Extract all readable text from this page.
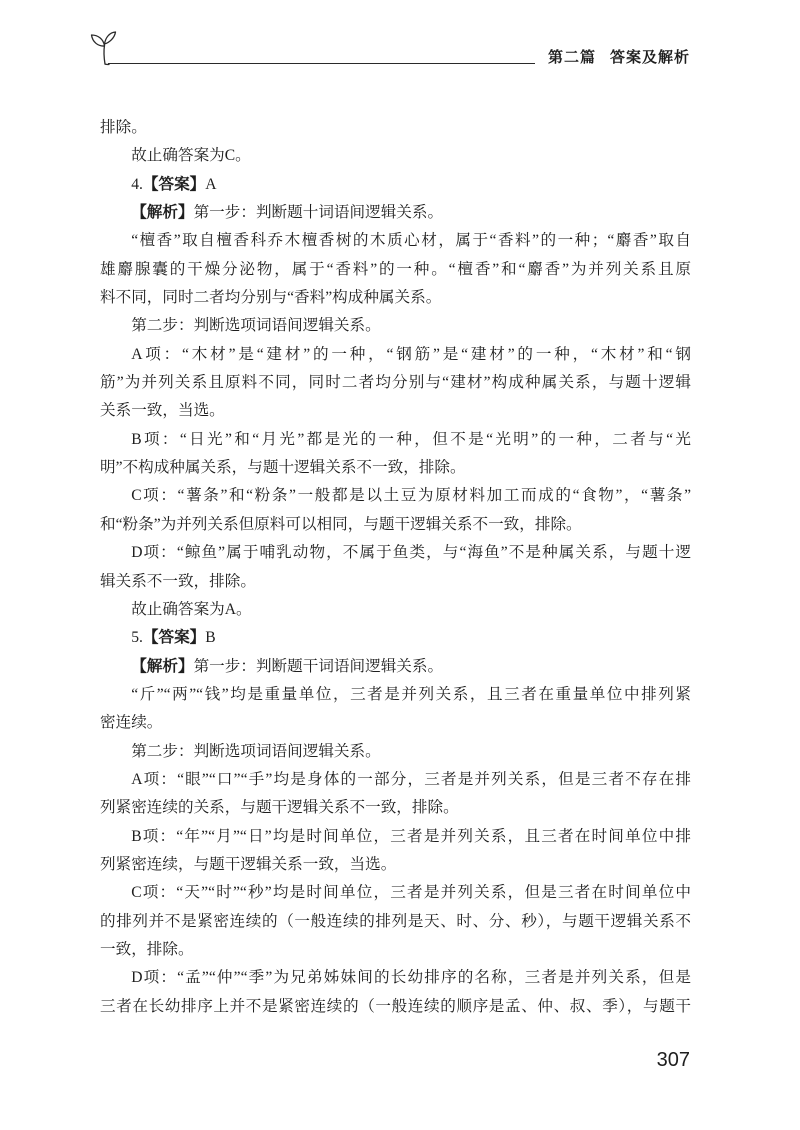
第二篇 答案及解析
排除。
故止确答案为C。
4.【答案】A
【解析】第一步：判断题十词语间逻辑关系。
“檀香”取自檀香科乔木檀香树的木质心材，属于“香料”的一种；“麝香”取自
雄麝腺囊的干燥分泌物，属于“香料”的一种。“檀香”和“麝香”为并列关系且原
料不同，同时二者均分别与“香料”构成种属关系。
第二步：判断选项词语间逻辑关系。
A项：“木材”是“建材”的一种，“钢筋”是“建材”的一种，“木材”和“钢
筋”为并列关系且原料不同，同时二者均分别与“建材”构成种属关系，与题十逻辑
关系一致，当选。
B项：“日光”和“月光”都是光的一种，但不是“光明”的一种，二者与“光
明”不构成种属关系，与题十逻辑关系不一致，排除。
C项：“薯条”和“粉条”一般都是以土豆为原材料加工而成的“食物”，“薯条”
和“粉条”为并列关系但原料可以相同，与题干逻辑关系不一致，排除。
D项：“鲸鱼”属于哺乳动物，不属于鱼类，与“海鱼”不是种属关系，与题十逻
辑关系不一致，排除。
故止确答案为A。
5.【答案】B
【解析】第一步：判断题干词语间逻辑关系。
“斤”“两”“钱”均是重量单位，三者是并列关系，且三者在重量单位中排列紧
密连续。
第二步：判断选项词语间逻辑关系。
A项：“眼”“口”“手”均是身体的一部分，三者是并列关系，但是三者不存在排
列紧密连续的关系，与题干逻辑关系不一致，排除。
B项：“年”“月”“日”均是时间单位，三者是并列关系，且三者在时间单位中排
列紧密连续，与题干逻辑关系一致，当选。
C项：“天”“时”“秒”均是时间单位，三者是并列关系，但是三者在时间单位中
的排列并不是紧密连续的（一般连续的排列是天、时、分、秒），与题干逻辑关系不
一致，排除。
D项：“孟”“仲”“季”为兄弟姊妹间的长幼排序的名称，三者是并列关系，但是
三者在长幼排序上并不是紧密连续的（一般连续的顺序是孟、仲、叔、季），与题干
307
